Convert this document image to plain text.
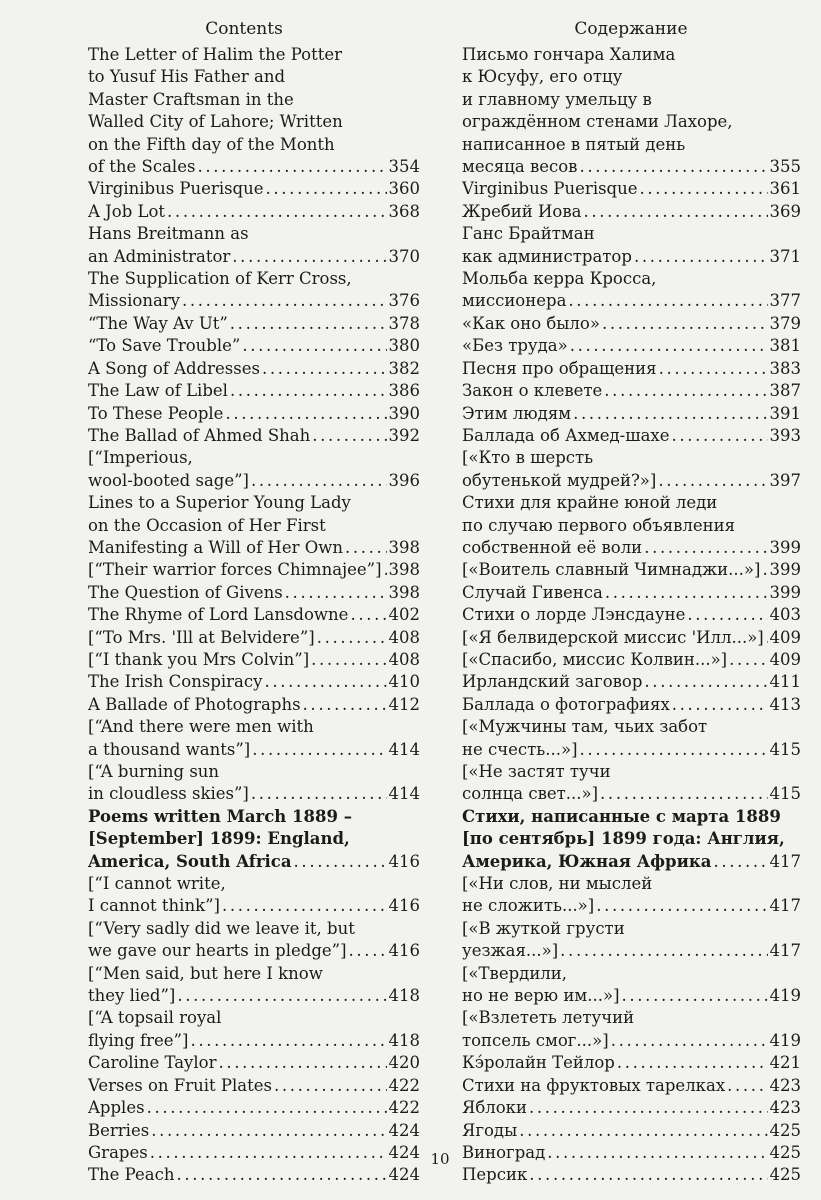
Contents	Содержание
The Letter of Halim the Potter
to Yusuf His Father and
Master Craftsman in the
Walled City of Lahore; Written
on the Fifth day of the Month
of the Scales . . .	354
Virginibus Puerisque . . .	360
A Job Lot . . .	368
Hans Breitmann as
an Administrator . . .	370
The Supplication of Kerr Cross,
Missionary . . .	376
“The Way Av Ut” . . .	378
“To Save Trouble” . . .	380
A Song of Addresses . . .	382
The Law of Libel . . .	386
To These People . . .	390
The Ballad of Ahmed Shah . . .	392
[“Imperious,
wool-booted sage”] . . .	396
Lines to a Superior Young Lady
on the Occasion of Her First
Manifesting a Will of Her Own . . .	398
[“Their warrior forces Chimnajee”] . . . 398
The Question of Givens . . .	398
The Rhyme of Lord Lansdowne . . . 402
[“To Mrs. 'Ill at Belvidere”] . . .	408
[“I thank you Mrs Colvin”] . . .	408
The Irish Conspiracy . . .	410
A Ballade of Photographs . . .	412
[“And there were men with
a thousand wants”] . . .	414
[“A burning sun
in cloudless skies”] . . .	414
Poems written March 1889 –
[September] 1899: England,
America, South Africa . . .	416
[“I cannot write,
I cannot think”] . . .	416
[“Very sadly did we leave it, but
we gave our hearts in pledge”] . . .	416
[“Men said, but here I know
they lied”] . . .	418
[“A topsail royal
flying free”] . . .	418
Caroline Taylor . . .	420
Verses on Fruit Plates . . .	422
Apples . . .	422
Berries . . .	424
Grapes . . .	424
The Peach . . .	424
Письмо гончара Халима
к Юсуфу, его отцу
и главному умельцу в
ограждённом стенами Лахоре,
написанное в пятый день
месяца весов . . .	355
Virginibus Puerisque . . .	361
Жребий Иова . . .	369
Ганс Брайтман
как администратор . . .	371
Мольба керра Кросса,
миссионера . . .	377
«Как оно было» . . .	379
«Без труда» . . .	381
Песня про обращения . . .	383
Закон о клевете . . .	387
Этим людям . . .	391
Баллада об Ахмед-шахе . . .	393
[«Кто в шерсть
обутенькой мудрей?»] . . .	397
Стихи для крайне юной леди
по случаю первого объявления
собственной её воли . . .	399
[«Воитель славный Чимнаджи...»] . . . 399
Случай Гивенса . . .	399
Стихи о лорде Лэнсдауне . . .	403
[«Я белвидерской миссис 'Илл...»] . . . 409
[«Спасибо, миссис Колвин...»] . . .	409
Ирландский заговор . . .	411
Баллада о фотографиях . . .	413
[«Мужчины там, чьих забот
не счесть...»] . . .	415
[«Не застят тучи
солнца свет...»] . . .	415
Стихи, написанные с марта 1889
[по сентябрь] 1899 года: Англия,
Америка, Южная Африка . . .	417
[«Ни слов, ни мыслей
не сложить...»] . . .	417
[«В жуткой грусти
уезжая...»] . . .	417
[«Твердили,
но не верю им...»] . . .	419
[«Взлететь летучий
топсель смог...»] . . .	419
Кэ́ролайн Тейлор . . .	421
Стихи на фруктовых тарелках . . .	423
Яблоки . . .	423
Ягоды . . .	425
Виноград . . .	425
Персик . . .	425
10
